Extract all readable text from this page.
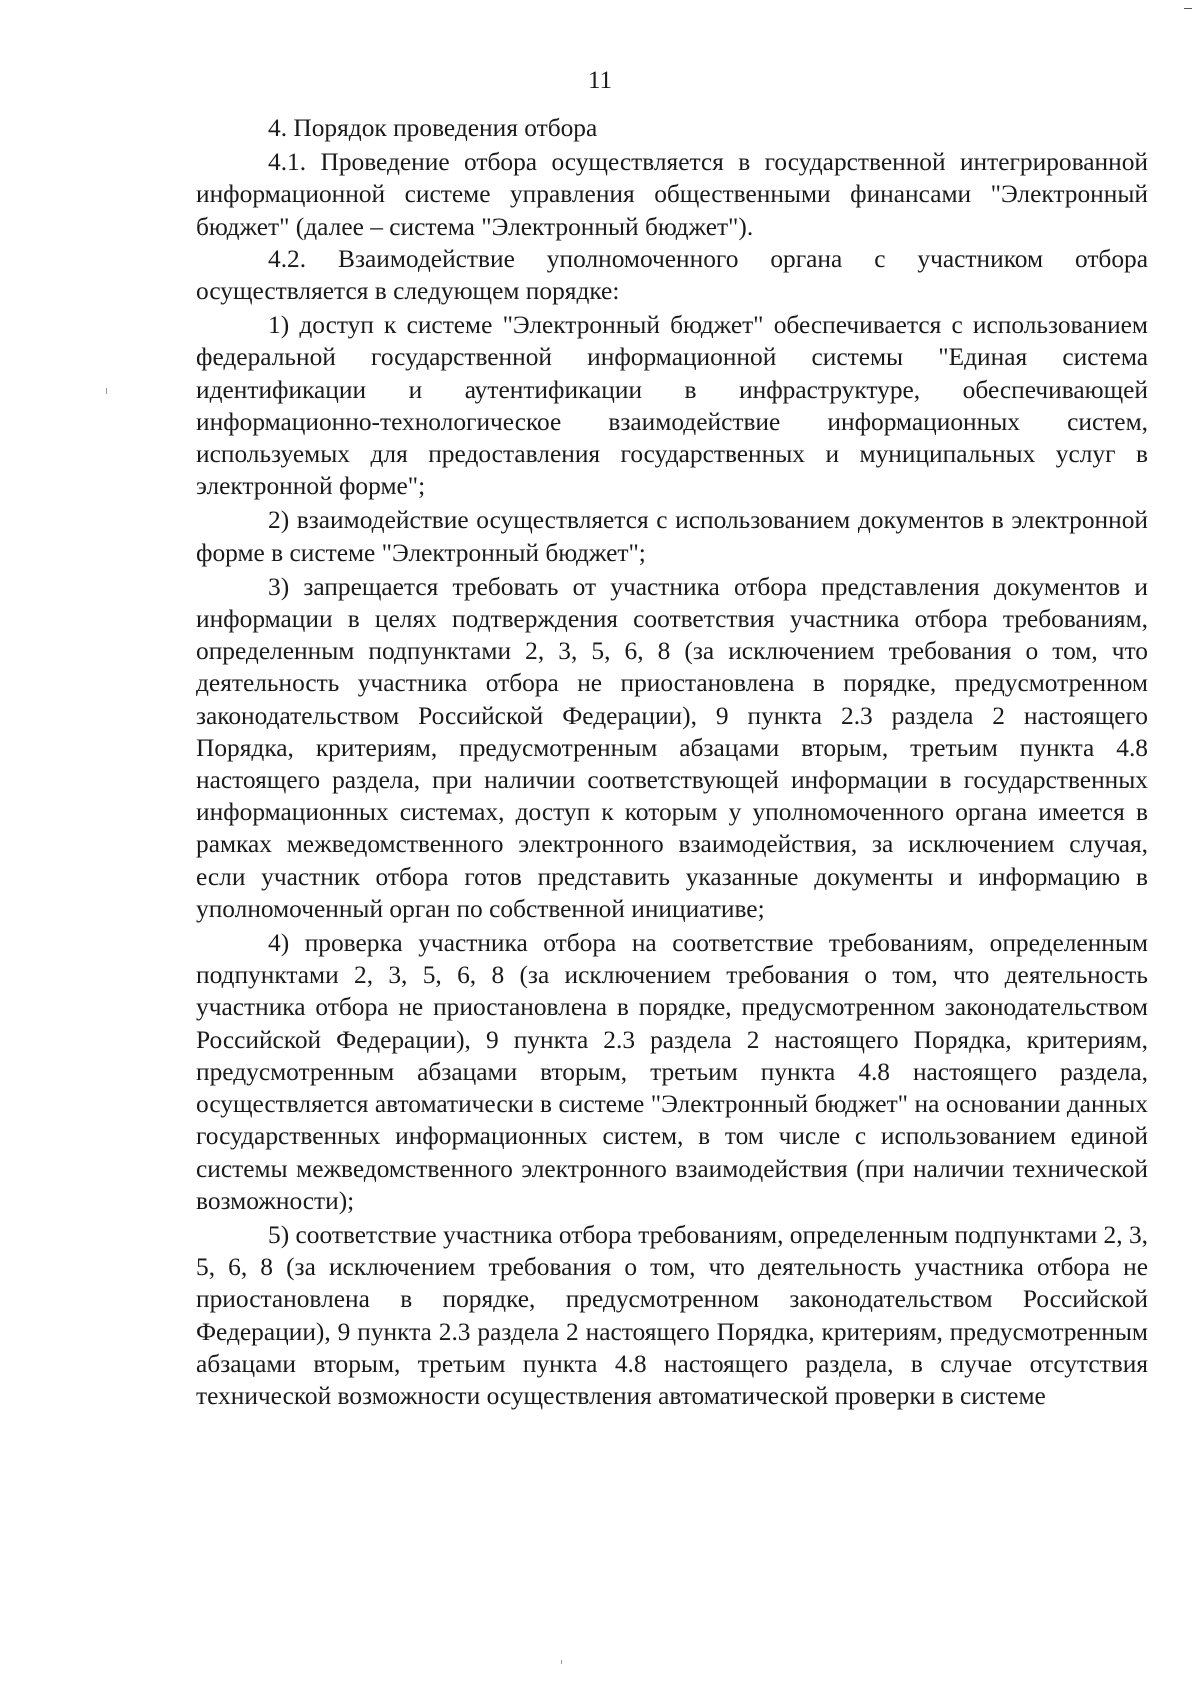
11

4. Порядок проведения отбора

4.1. Проведение отбора осуществляется в государственной интегрированной информационной системе управления общественными финансами "Электронный бюджет" (далее – система "Электронный бюджет").

4.2. Взаимодействие уполномоченного органа с участником отбора осуществляется в следующем порядке:

1) доступ к системе "Электронный бюджет" обеспечивается с использованием федеральной государственной информационной системы "Единая система идентификации и аутентификации в инфраструктуре, обеспечивающей информационно-технологическое взаимодействие информационных систем, используемых для предоставления государственных и муниципальных услуг в электронной форме";

2) взаимодействие осуществляется с использованием документов в электронной форме в системе "Электронный бюджет";

3) запрещается требовать от участника отбора представления документов и информации в целях подтверждения соответствия участника отбора требованиям, определенным подпунктами 2, 3, 5, 6, 8 (за исключением требования о том, что деятельность участника отбора не приостановлена в порядке, предусмотренном законодательством Российской Федерации), 9 пункта 2.3 раздела 2 настоящего Порядка, критериям, предусмотренным абзацами вторым, третьим пункта 4.8 настоящего раздела, при наличии соответствующей информации в государственных информационных системах, доступ к которым у уполномоченного органа имеется в рамках межведомственного электронного взаимодействия, за исключением случая, если участник отбора готов представить указанные документы и информацию в уполномоченный орган по собственной инициативе;

4) проверка участника отбора на соответствие требованиям, определенным подпунктами 2, 3, 5, 6, 8 (за исключением требования о том, что деятельность участника отбора не приостановлена в порядке, предусмотренном законодательством Российской Федерации), 9 пункта 2.3 раздела 2 настоящего Порядка, критериям, предусмотренным абзацами вторым, третьим пункта 4.8 настоящего раздела, осуществляется автоматически в системе "Электронный бюджет" на основании данных государственных информационных систем, в том числе с использованием единой системы межведомственного электронного взаимодействия (при наличии технической возможности);

5) соответствие участника отбора требованиям, определенным подпунктами 2, 3, 5, 6, 8 (за исключением требования о том, что деятельность участника отбора не приостановлена в порядке, предусмотренном законодательством Российской Федерации), 9 пункта 2.3 раздела 2 настоящего Порядка, критериям, предусмотренным абзацами вторым, третьим пункта 4.8 настоящего раздела, в случае отсутствия технической возможности осуществления автоматической проверки в системе
